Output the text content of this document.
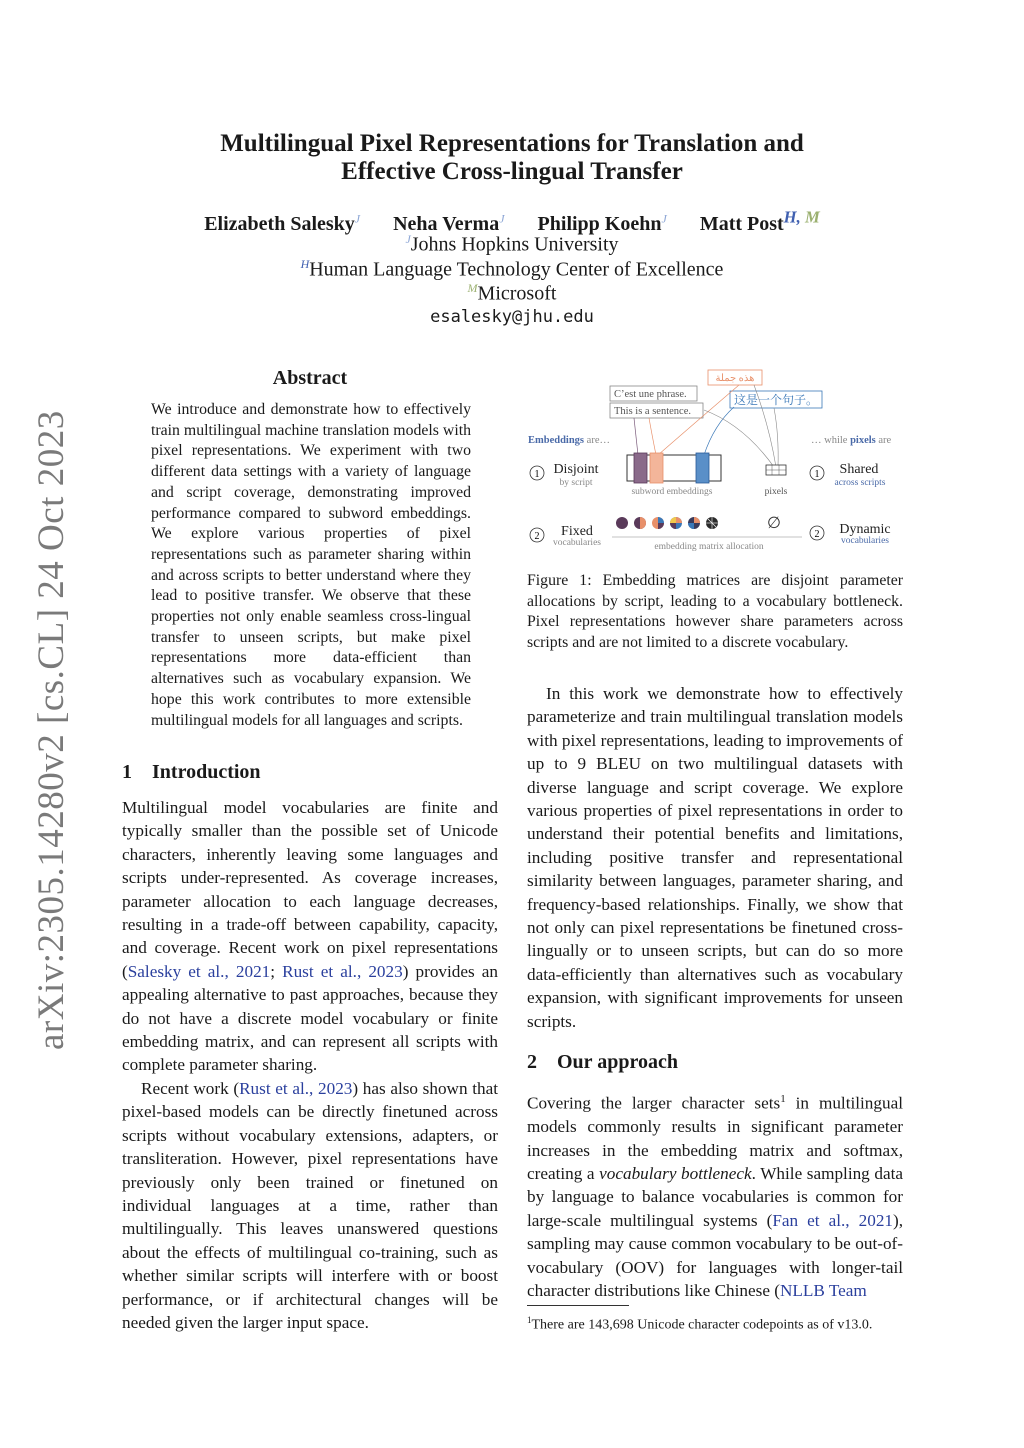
arXiv:2305.14280v2 [cs.CL] 24 Oct 2023
Multilingual Pixel Representations for Translation and
Effective Cross-lingual Transfer
Elizabeth Salesky$^J$ Neha Verma$^J$ Philipp Koehn$^J$ Matt Post$^{H, M}$
$^J$Johns Hopkins University
$^H$Human Language Technology Center of Excellence
$^M$Microsoft
esalesky@jhu.edu
Abstract
We introduce and demonstrate how to effectively train multilingual machine translation models with pixel representations. We experiment with two different data settings with a variety of language and script coverage, demonstrating improved performance compared to subword embeddings. We explore various properties of pixel representations such as parameter sharing within and across scripts to better understand where they lead to positive transfer. We observe that these properties not only enable seamless cross-lingual transfer to unseen scripts, but make pixel representations more data-efficient than alternatives such as vocabulary expansion. We hope this work contributes to more extensible multilingual models for all languages and scripts.
1 Introduction

Multilingual model vocabularies are finite and typically smaller than the possible set of Unicode characters, inherently leaving some languages and scripts under-represented. As coverage increases, parameter allocation to each language decreases, resulting in a trade-off between capability, capacity, and coverage. Recent work on pixel representations (Salesky et al., 2021; Rust et al., 2023) provides an appealing alternative to past approaches, because they do not have a discrete model vocabulary or finite embedding matrix, and can represent all scripts with complete parameter sharing.

Recent work (Rust et al., 2023) has also shown that pixel-based models can be directly finetuned across scripts without vocabulary extensions, adapters, or transliteration. However, pixel representations have previously only been trained or finetuned on individual languages at a time, rather than multilingually. This leaves unanswered questions about the effects of multilingual co-training, such as whether similar scripts will interfere with or boost performance, or if architectural changes will be needed given the larger input space.

هذه جملة
C’est une phrase.
This is a sentence.
这是一个句子。
Embeddings are…	… while pixels are
1 Disjoint
by script
subword embeddings	pixels
1 Shared
across scripts
2 Fixed
vocabularies
∅
embedding matrix allocation
2 Dynamic
vocabularies
Figure 1: Embedding matrices are disjoint parameter allocations by script, leading to a vocabulary bottleneck. Pixel representations however share parameters across scripts and are not limited to a discrete vocabulary.

In this work we demonstrate how to effectively parameterize and train multilingual translation models with pixel representations, leading to improvements of up to 9 BLEU on two multilingual datasets with diverse language and script coverage. We explore various properties of pixel representations in order to understand their potential benefits and limitations, including positive transfer and representational similarity between languages, parameter sharing, and frequency-based relationships. Finally, we show that not only can pixel representations be finetuned cross-lingually or to unseen scripts, but can do so more data-efficiently than alternatives such as vocabulary expansion, with significant improvements for unseen scripts.

2 Our approach

Covering the larger character sets$^1$ in multilingual models commonly results in significant parameter increases in the embedding matrix and softmax, creating a vocabulary bottleneck. While sampling data by language to balance vocabularies is common for large-scale multilingual systems (Fan et al., 2021), sampling may cause common vocabulary to be out-of-vocabulary (OOV) for languages with longer-tail character distributions like Chinese (NLLB Team

$^1$There are 143,698 Unicode character codepoints as of v13.0.
